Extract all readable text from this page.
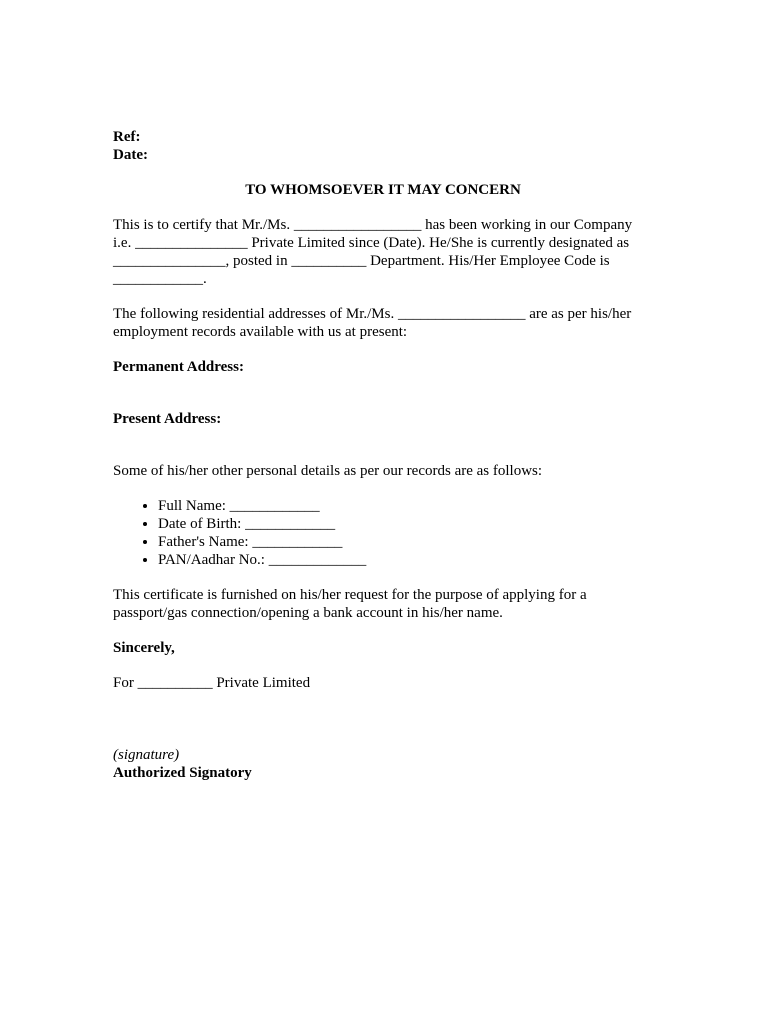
Ref:

Date:

TO WHOMSOEVER IT MAY CONCERN

This is to certify that Mr./Ms. _________________ has been working in our Company i.e. _______________ Private Limited since (Date). He/She is currently designated as _______________, posted in __________ Department. His/Her Employee Code is ____________.

The following residential addresses of Mr./Ms. _________________ are as per his/her employment records available with us at present:

Permanent Address:

Present Address:

Some of his/her other personal details as per our records are as follows:

• Full Name: ____________
• Date of Birth: ____________
• Father's Name: ____________
• PAN/Aadhar No.: _____________

This certificate is furnished on his/her request for the purpose of applying for a passport/gas connection/opening a bank account in his/her name.

Sincerely,

For __________ Private Limited

(signature)

Authorized Signatory
